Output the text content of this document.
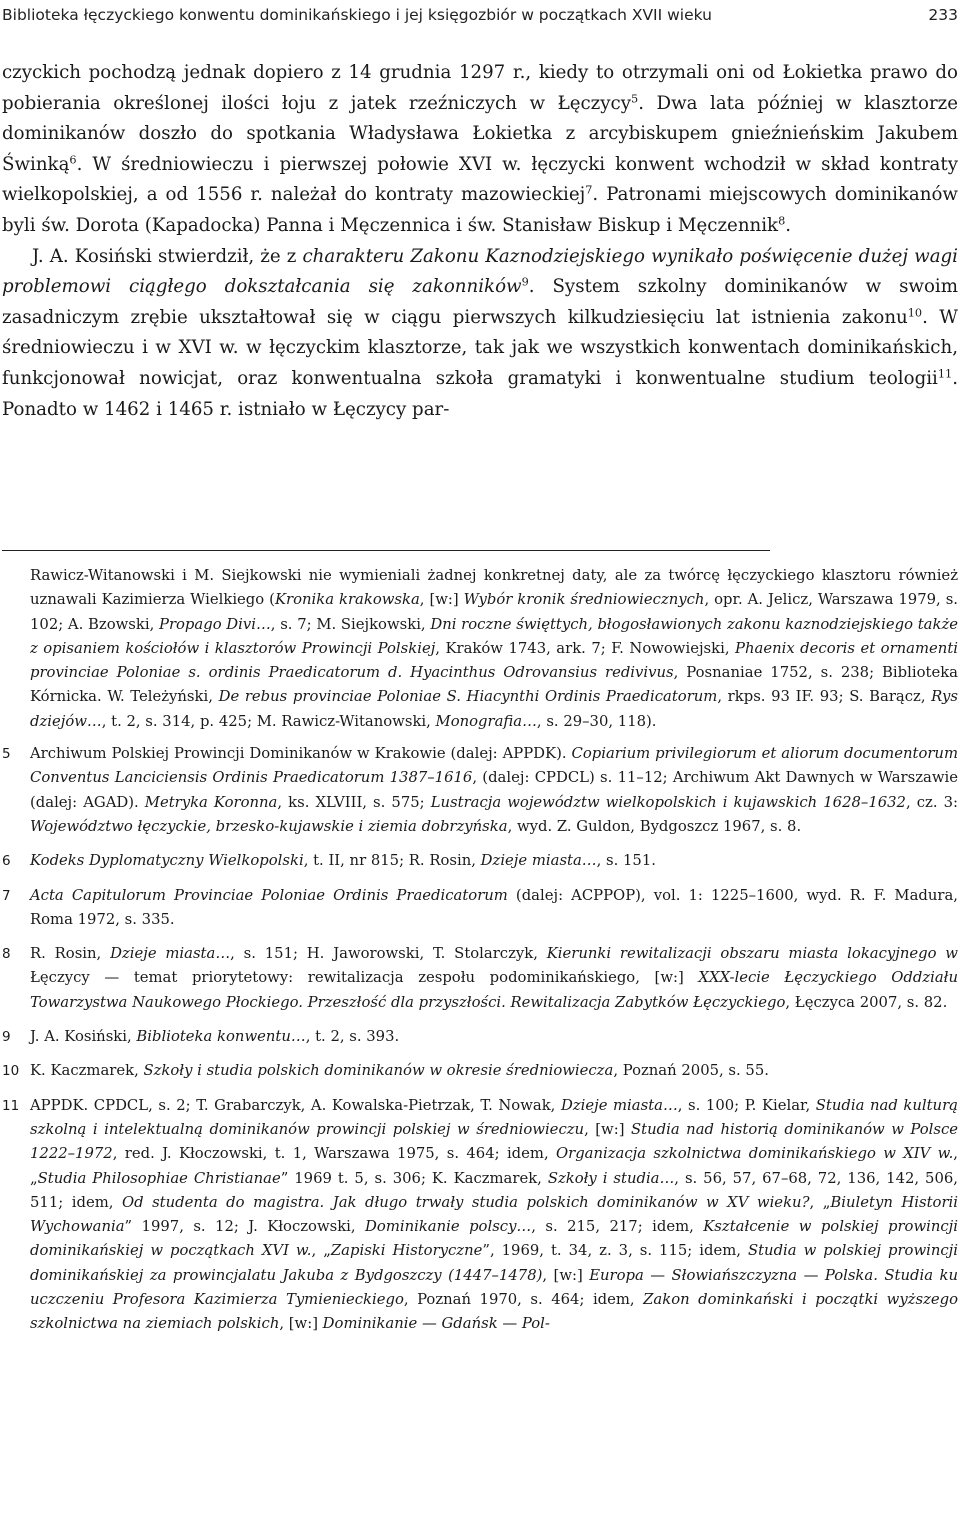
Biblioteka łęczyckiego konwentu dominikańskiego i jej księgozbiór w początkach XVII wieku	233

czyckich pochodzą jednak dopiero z 14 grudnia 1297 r., kiedy to otrzymali oni od Łokietka prawo do pobierania określonej ilości łoju z jatek rzeźniczych w Łęczycy$^5$. Dwa lata później w klasztorze dominikanów doszło do spotkania Władysława Łokietka z arcybiskupem gnieźnieńskim Jakubem Świnką$^6$. W średniowieczu i pierwszej połowie XVI w. łęczycki konwent wchodził w skład kontraty wielkopolskiej, a od 1556 r. należał do kontraty mazowieckiej$^7$. Patronami miejscowych dominikanów byli św. Dorota (Kapadocka) Panna i Męczennica i św. Stanisław Biskup i Męczennik$^8$.

J. A. Kosiński stwierdził, że z charakteru Zakonu Kaznodziejskiego wynikało poświęcenie dużej wagi problemowi ciągłego dokształcania się zakonników$^9$. System szkolny dominikanów w swoim zasadniczym zrębie ukształtował się w ciągu pierwszych kilkudziesięciu lat istnienia zakonu$^{10}$. W średniowieczu i w XVI w. w łęczyckim klasztorze, tak jak we wszystkich konwentach dominikańskich, funkcjonował nowicjat, oraz konwentualna szkoła gramatyki i konwentualne studium teologii$^{11}$. Ponadto w 1462 i 1465 r. istniało w Łęczycy par-

Rawicz-Witanowski i M. Siejkowski nie wymieniali żadnej konkretnej daty, ale za twórcę łęczyckiego klasztoru również uznawali Kazimierza Wielkiego (Kronika krakowska, [w:] Wybór kronik średniowiecznych, opr. A. Jelicz, Warszawa 1979, s. 102; A. Bzowski, Propago Divi…, s. 7; M. Siejkowski, Dni roczne święttych, błogosławionych zakonu kaznodziejskiego także z opisaniem kościołów i klasztorów Prowincji Polskiej, Kraków 1743, ark. 7; F. Nowowiejski, Phaenix decoris et ornamenti provinciae Poloniae s. ordinis Praedicatorum d. Hyacinthus Odrovansius redivivus, Posnaniae 1752, s. 238; Biblioteka Kórnicka. W. Teleżyński, De rebus provinciae Poloniae S. Hiacynthi Ordinis Praedicatorum, rkps. 93 IF. 93; S. Barącz, Rys dziejów…, t. 2, s. 314, p. 425; M. Rawicz-Witanowski, Monografia…, s. 29–30, 118).
5 Archiwum Polskiej Prowincji Dominikanów w Krakowie (dalej: APPDK). Copiarium privilegiorum et aliorum documentorum Conventus Lanciciensis Ordinis Praedicatorum 1387–1616, (dalej: CPDCL) s. 11–12; Archiwum Akt Dawnych w Warszawie (dalej: AGAD). Metryka Koronna, ks. XLVIII, s. 575; Lustracja województw wielkopolskich i kujawskich 1628–1632, cz. 3: Województwo łęczyckie, brzesko-kujawskie i ziemia dobrzyńska, wyd. Z. Guldon, Bydgoszcz 1967, s. 8.
6 Kodeks Dyplomatyczny Wielkopolski, t. II, nr 815; R. Rosin, Dzieje miasta…, s. 151.
7 Acta Capitulorum Provinciae Poloniae Ordinis Praedicatorum (dalej: ACPPOP), vol. 1: 1225–1600, wyd. R. F. Madura, Roma 1972, s. 335.
8 R. Rosin, Dzieje miasta…, s. 151; H. Jaworowski, T. Stolarczyk, Kierunki rewitalizacji obszaru miasta lokacyjnego w Łęczycy — temat priorytetowy: rewitalizacja zespołu podominikańskiego, [w:] XXX-lecie Łęczyckiego Oddziału Towarzystwa Naukowego Płockiego. Przeszłość dla przyszłości. Rewitalizacja Zabytków Łęczyckiego, Łęczyca 2007, s. 82.
9 J. A. Kosiński, Biblioteka konwentu…, t. 2, s. 393.
10 K. Kaczmarek, Szkoły i studia polskich dominikanów w okresie średniowiecza, Poznań 2005, s. 55.
11 APPDK. CPDCL, s. 2; T. Grabarczyk, A. Kowalska-Pietrzak, T. Nowak, Dzieje miasta…, s. 100; P. Kielar, Studia nad kulturą szkolną i intelektualną dominikanów prowincji polskiej w średniowieczu, [w:] Studia nad historią dominikanów w Polsce 1222–1972, red. J. Kłoczowski, t. 1, Warszawa 1975, s. 464; idem, Organizacja szkolnictwa dominikańskiego w XIV w., „Studia Philosophiae Christianae” 1969 t. 5, s. 306; K. Kaczmarek, Szkoły i studia…, s. 56, 57, 67–68, 72, 136, 142, 506, 511; idem, Od studenta do magistra. Jak długo trwały studia polskich dominikanów w XV wieku?, „Biuletyn Historii Wychowania” 1997, s. 12; J. Kłoczowski, Dominikanie polscy…, s. 215, 217; idem, Kształcenie w polskiej prowincji dominikańskiej w początkach XVI w., „Zapiski Historyczne”, 1969, t. 34, z. 3, s. 115; idem, Studia w polskiej prowincji dominikańskiej za prowincjalatu Jakuba z Bydgoszczy (1447–1478), [w:] Europa — Słowiańszczyzna — Polska. Studia ku uczczeniu Profesora Kazimierza Tymienieckiego, Poznań 1970, s. 464; idem, Zakon dominkański i początki wyższego szkolnictwa na ziemiach polskich, [w:] Dominikanie — Gdańsk — Pol-
